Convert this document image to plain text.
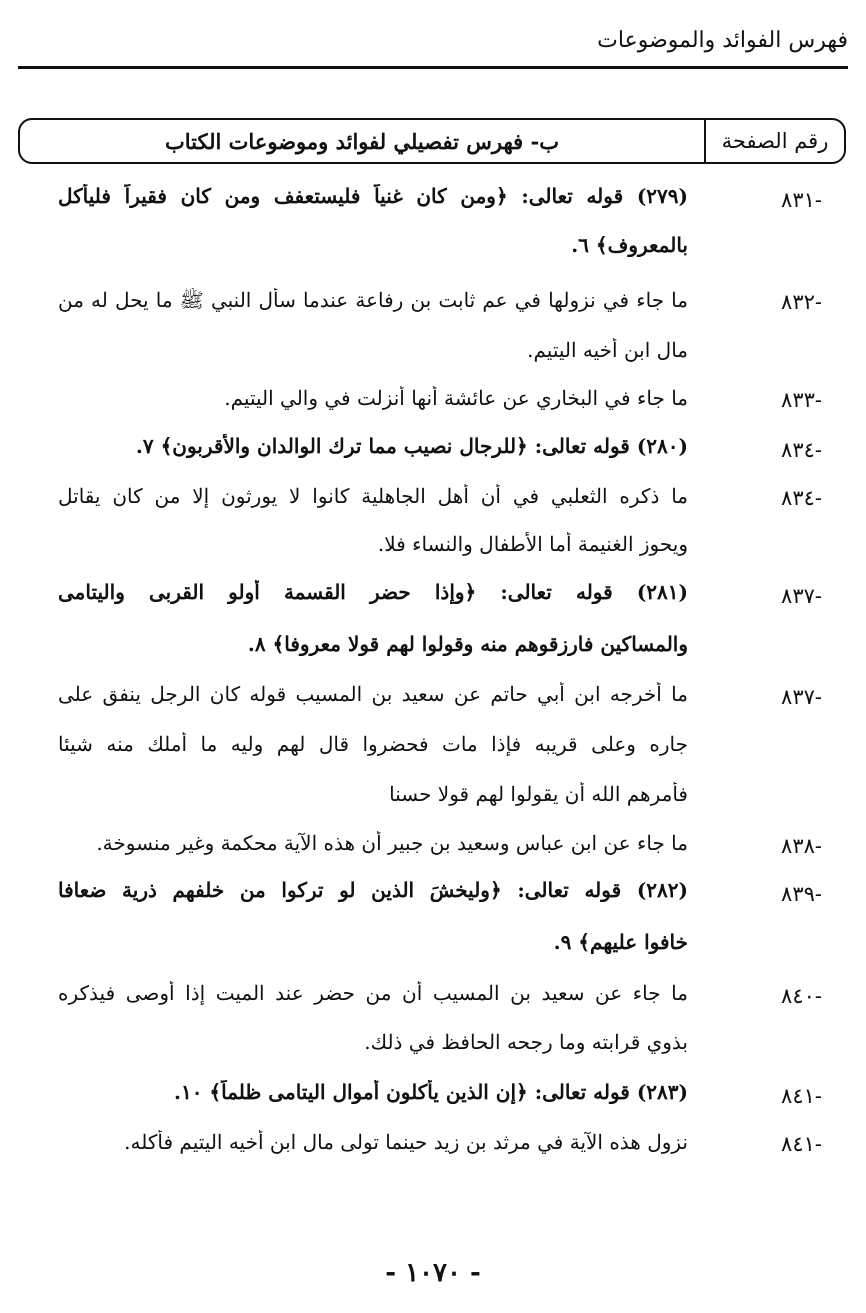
فهرس الفوائد والموضوعات
رقم الصفحة
ب- فهرس تفصيلي لفوائد وموضوعات الكتاب
-٨٣١
(٢٧٩) قوله تعالى: ﴿ومن كان غنياً فليستعفف ومن كان فقيراً فليأكل
بالمعروف﴾ ٦.
-٨٣٢
ما جاء في نزولها في عم ثابت بن رفاعة عندما سأل النبي ﷺ ما يحل له من
مال ابن أخيه اليتيم.
-٨٣٣
ما جاء في البخاري عن عائشة أنها أنزلت في والي اليتيم.
-٨٣٤
(٢٨٠) قوله تعالى: ﴿للرجال نصيب مما ترك الوالدان والأقربون﴾ ٧.
-٨٣٤
ما ذكره الثعلبي في أن أهل الجاهلية كانوا لا يورثون إلا من كان يقاتل
ويحوز الغنيمة أما الأطفال والنساء فلا.
-٨٣٧
(٢٨١) قوله تعالى: ﴿وإذا حضر القسمة أولو القربى واليتامى
والمساكين فارزقوهم منه وقولوا لهم قولا معروفا﴾ ٨.
-٨٣٧
ما أخرجه ابن أبي حاتم عن سعيد بن المسيب قوله كان الرجل ينفق على
جاره وعلى قريبه فإذا مات فحضروا قال لهم وليه ما أملك منه شيئا
فأمرهم الله أن يقولوا لهم قولا حسنا
-٨٣٨
ما جاء عن ابن عباس وسعيد بن جبير أن هذه الآية محكمة وغير منسوخة.
-٨٣٩
(٢٨٢) قوله تعالى: ﴿وليخشَ الذين لو تركوا من خلفهم ذرية ضعافا
خافوا عليهم﴾ ٩.
-٨٤٠
ما جاء عن سعيد بن المسيب أن من حضر عند الميت إذا أوصى فيذكره
بذوي قرابته وما رجحه الحافظ في ذلك.
-٨٤١
(٢٨٣) قوله تعالى: ﴿إن الذين يأكلون أموال اليتامى ظلماً﴾ ١٠.
-٨٤١
نزول هذه الآية في مرثد بن زيد حينما تولى مال ابن أخيه اليتيم فأكله.
- ١٠٧٠ -
